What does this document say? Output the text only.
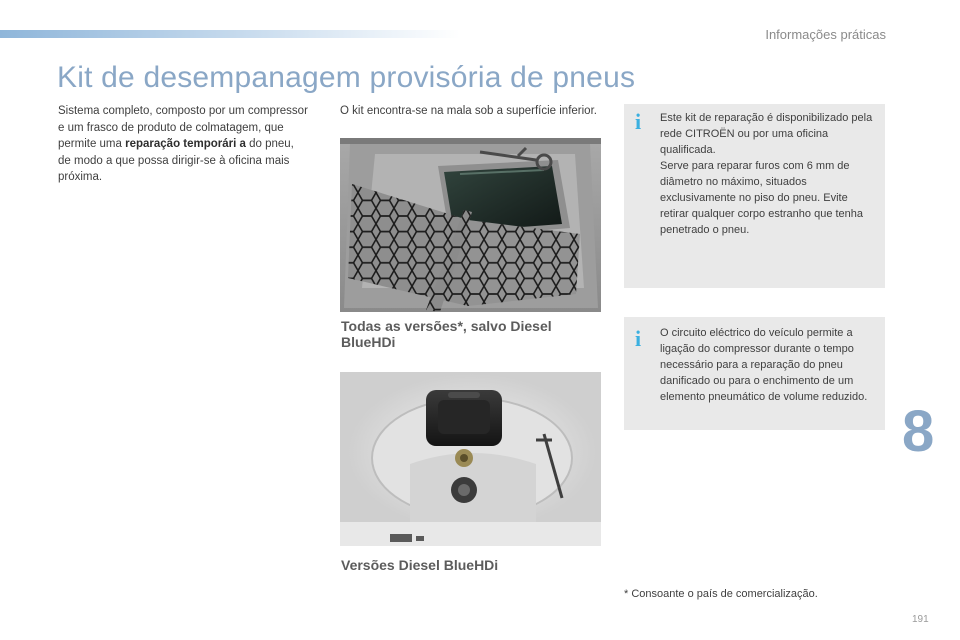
Informações práticas
Kit de desempanagem provisória de pneus
Sistema completo, composto por um compressor e um frasco de produto de colmatagem, que permite uma reparação temporári a do pneu, de modo a que possa dirigir-se à oficina mais próxima.
O kit encontra-se na mala sob a superfície inferior.
Todas as versões*, salvo Diesel BlueHDi
Versões Diesel BlueHDi
i Este kit de reparação é disponibilizado pela rede CITROËN ou por uma oficina qualificada.

Serve para reparar furos com 6 mm de diâmetro no máximo, situados exclusivamente no piso do pneu. Evite retirar qualquer corpo estranho que tenha penetrado o pneu.

i O circuito eléctrico do veículo permite a ligação do compressor durante o tempo necessário para a reparação do pneu danificado ou para o enchimento de um elemento pneumático de volume reduzido.

* Consoante o país de comercialização.
8
191
